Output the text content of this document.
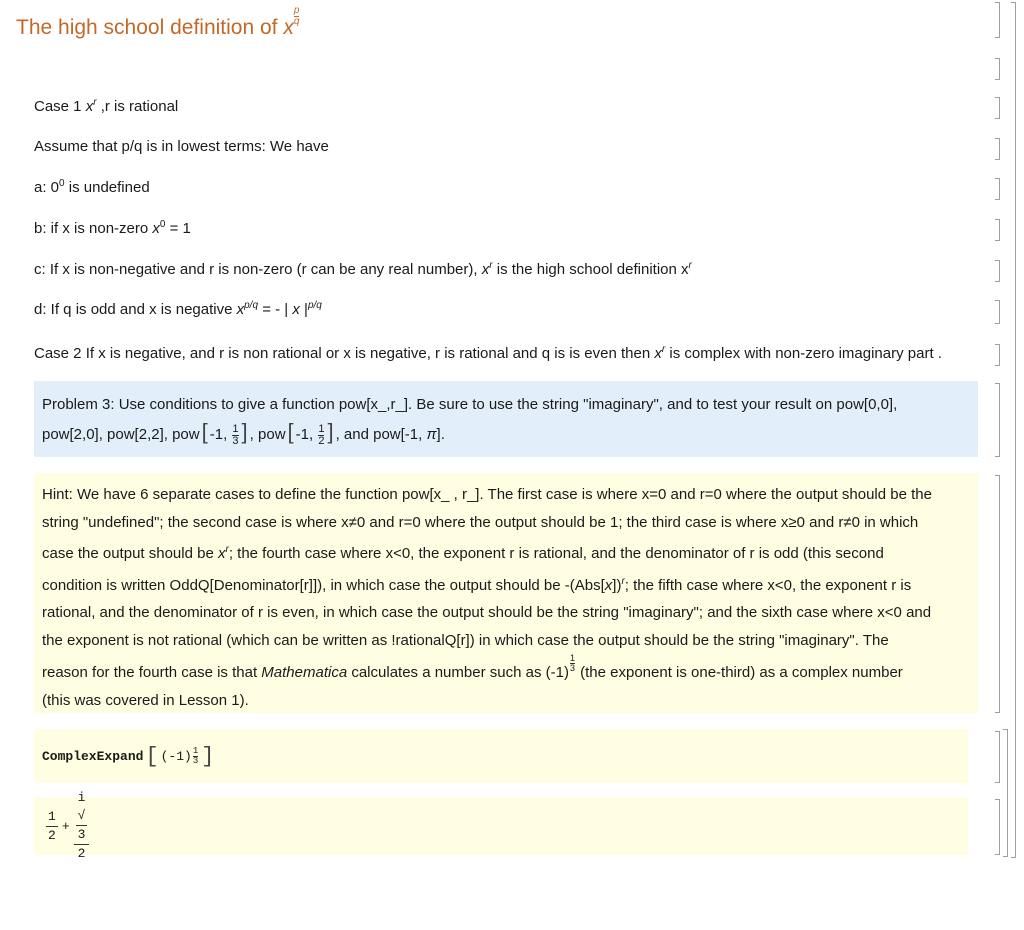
The high school definition of x $^{\frac{p}{q}}$
Case 1 $x^r$ ,r is rational
Assume that p/q is in lowest terms: We have
a: $0^0$ is undefined
b: if x is non-zero $x^0 = 1$
c: If x is non-negative and r is non-zero (r can be any real number), $x^r$ is the high school definition $x^r$
d: If q is odd and x is negative $x^{p/q}$ = - | x $|^{p/q}$
Case 2 If x is negative, and r is non rational or x is negative, r is rational and q is is even then $x^r$ is complex with non-zero imaginary part .
Problem 3: Use conditions to give a function pow[x_,r_]. Be sure to use the string "imaginary", and to test your result on pow[0,0],
pow[2,0], pow[2,2], pow[ -1, $\frac{1}{3}$ ] , pow[ -1, $\frac{1}{2}$ ] , and pow[-1, π].
Hint: We have 6 separate cases to define the function pow[x_ , r_]. The first case is where x=0 and r=0 where the output should be the
string "undefined"; the second case is where x≠0 and r=0 where the output should be 1; the third case is where x≥0 and r≠0 in which
case the output should be $x^r$; the fourth case where x<0, the exponent r is rational, and the denominator of r is odd (this second
condition is written OddQ[Denominator[r]]), in which case the output should be $-(Abs[x])^r$; the fifth case where x<0, the exponent r is
rational, and the denominator of r is even, in which case the output should be the string "imaginary"; and the sixth case where x<0 and
the exponent is not rational (which can be written as !rationalQ[r]) in which case the output should be the string "imaginary". The
reason for the fourth case is that Mathematica calculates a number such as (-1) $^{\frac{1}{3}}$ (the exponent is one-third) as a complex number
(this was covered in Lesson 1).
ComplexExpand [ $(-1) \frac{1}{3}$ ]
$\frac{1}{2} + i$
√
3
2
